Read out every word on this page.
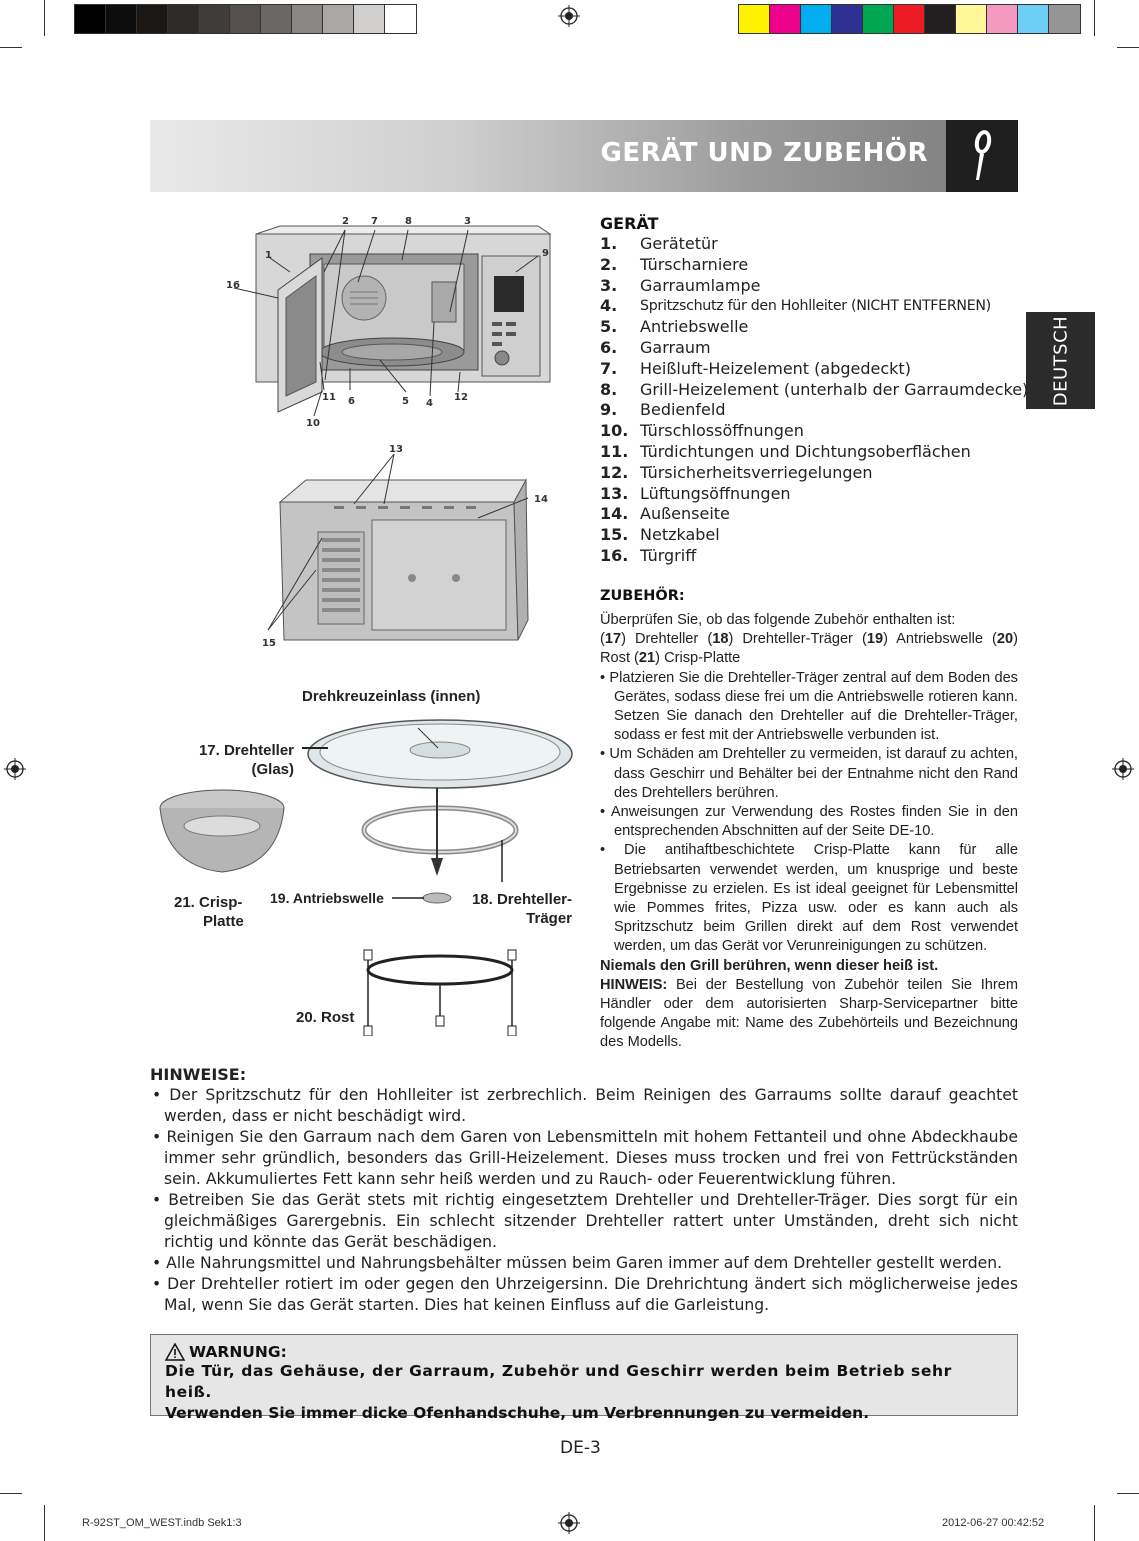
GERÄT UND ZUBEHÖR
DEUTSCH
GERÄT
1.	Gerätetür
2.	Türscharniere
3.	Garraumlampe
4.	Spritzschutz für den Hohlleiter (NICHT ENTFERNEN)
5.	Antriebswelle
6.	Garraum
7.	Heißluft-Heizelement (abgedeckt)
8.	Grill-Heizelement (unterhalb der Garraumdecke)
9.	Bedienfeld
10. Türschlossöffnungen
11. Türdichtungen und Dichtungsoberflächen
12. Türsicherheitsverriegelungen
13. Lüftungsöffnungen
14. Außenseite
15. Netzkabel
16. Türgriff
ZUBEHÖR:

Überprüfen Sie, ob das folgende Zubehör enthalten ist:

(17) Drehteller (18) Drehteller-Träger (19) Antriebswelle (20) Rost (21) Crisp-Platte

• Platzieren Sie die Drehteller-Träger zentral auf dem Boden des Gerätes, sodass diese frei um die Antriebswelle rotieren kann. Setzen Sie danach den Drehteller auf die Drehteller-Träger, sodass er fest mit der Antriebswelle verbunden ist.

• Um Schäden am Drehteller zu vermeiden, ist darauf zu achten, dass Geschirr und Behälter bei der Entnahme nicht den Rand des Drehtellers berühren.

• Anweisungen zur Verwendung des Rostes finden Sie in den entsprechenden Abschnitten auf der Seite DE-10.

• Die antihaftbeschichtete Crisp-Platte kann für alle Betriebsarten verwendet werden, um knusprige und beste Ergebnisse zu erzielen. Es ist ideal geeignet für Lebensmittel wie Pommes frites, Pizza usw. oder es kann auch als Spritzschutz beim Grillen direkt auf dem Rost verwendet werden, um das Gerät vor Verunreinigungen zu schützen.

Niemals den Grill berühren, wenn dieser heiß ist.

HINWEIS: Bei der Bestellung von Zubehör teilen Sie Ihrem Händler oder dem autorisierten Sharp-Servicepartner bitte folgende Angabe mit: Name des Zubehörteils und Bezeichnung des Modells.

1
2 7	8	3
9
16
11 6	5 4
12
10
13
14
15
Drehkreuzeinlass (innen)
17. Drehteller
(Glas)
21. Crisp-
Platte
19. Antriebswelle	18. Drehteller-
Träger
20. Rost
HINWEISE:
• Der Spritzschutz für den Hohlleiter ist zerbrechlich. Beim Reinigen des Garraums sollte darauf geachtet werden, dass er nicht beschädigt wird.
• Reinigen Sie den Garraum nach dem Garen von Lebensmitteln mit hohem Fettanteil und ohne Abdeckhaube immer sehr gründlich, besonders das Grill-Heizelement. Dieses muss trocken und frei von Fettrückständen sein. Akkumuliertes Fett kann sehr heiß werden und zu Rauch- oder Feuerentwicklung führen.
• Betreiben Sie das Gerät stets mit richtig eingesetztem Drehteller und Drehteller-Träger. Dies sorgt für ein gleichmäßiges Garergebnis. Ein schlecht sitzender Drehteller rattert unter Umständen, dreht sich nicht richtig und könnte das Gerät beschädigen.
• Alle Nahrungsmittel und Nahrungsbehälter müssen beim Garen immer auf dem Drehteller gestellt werden.
• Der Drehteller rotiert im oder gegen den Uhrzeigersinn. Die Drehrichtung ändert sich möglicherweise jedes Mal, wenn Sie das Gerät starten. Dies hat keinen Einfluss auf die Garleistung.
WARNUNG:
Die Tür, das Gehäuse, der Garraum, Zubehör und Geschirr werden beim Betrieb sehr heiß.
Verwenden Sie immer dicke Ofenhandschuhe, um Verbrennungen zu vermeiden.
DE-3
R-92ST_OM_WEST.indb Sek1:3	2012-06-27 00:42:52
